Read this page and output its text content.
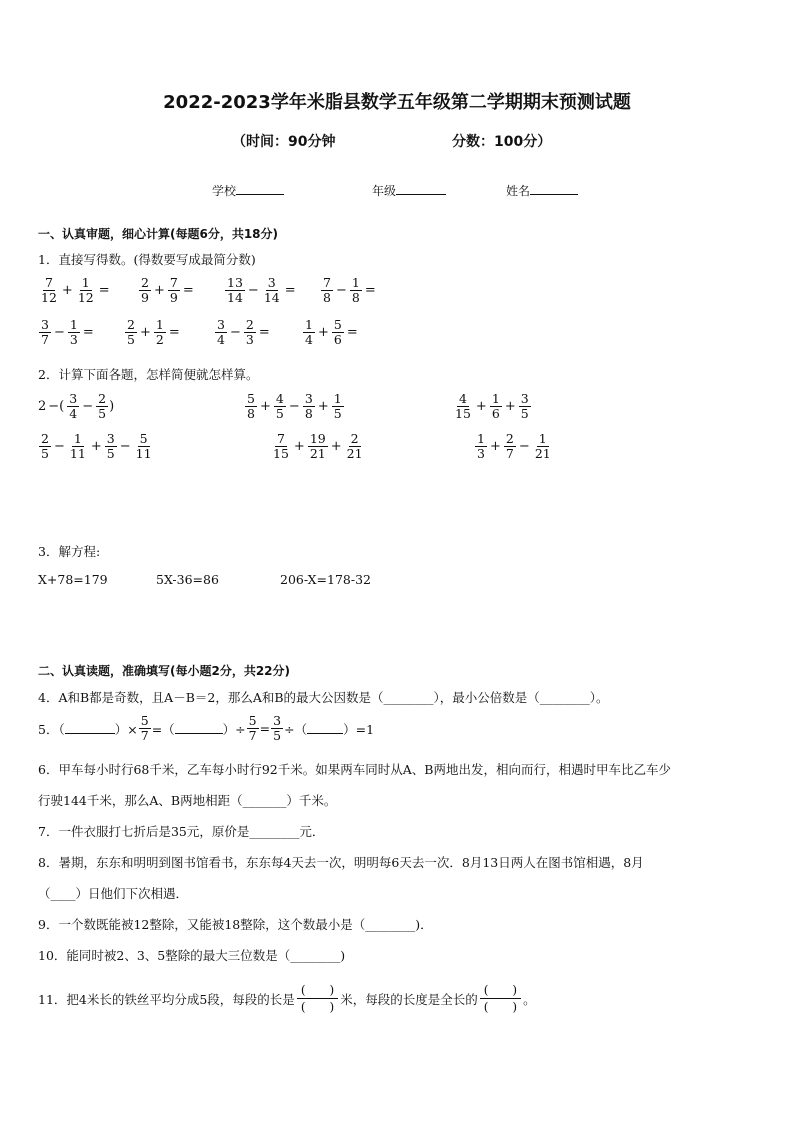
2022-2023学年米脂县数学五年级第二学期期末预测试题
（时间：90分钟	分数：100分）
学校	年级	姓名
一、认真审题，细心计算(每题6分，共18分)
1．直接写得数。(得数要写成最简分数)
7
$12 + \frac{1}{12}$ =
2
$9 + \frac{7}{9}$ =
13
$14 - \frac{3}{14}$ =
7
$8 - \frac{1}{8}$ =
3
$7 - \frac{1}{3}$ =
2
$5 + \frac{1}{2}$ =
3
$4 - \frac{2}{3}$ =
1
$4 + \frac{5}{6}$ =
2．计算下面各题，怎样简便就怎样算。
2 −(
3
$4 - \frac{2}{5}$ )
5
$8 + \frac{4}{5} - \frac{3}{8} + \frac{1}{5}$	4
$15 + \frac{1}{6} + \frac{3}{5}$
2
$5 - \frac{1}{11} + \frac{3}{5} - \frac{5}{11}$	7
$15 + \frac{19}{21} + \frac{2}{21}$	1
$3 + \frac{2}{7} - \frac{1}{21}$
3．解方程:
X+78=179	5X-36=86	206-X=178-32
二、认真读题，准确填写(每小题2分，共22分)
4．A和B都是奇数，且A－B＝2，那么A和B的最大公因数是（________），最小公倍数是（________）。
5．（	）× $\frac{5}{7}$ =（	）÷ $\frac{5}{7} = \frac{3}{5}$ ÷（	）=1
6．甲车每小时行68千米，乙车每小时行92千米。如果两车同时从A、B两地出发，相向而行，相遇时甲车比乙车少
行驶144千米，那么A、B两地相距（_______）千米。
7．一件衣服打七折后是35元，原价是________元．
8．暑期，东东和明明到图书馆看书，东东每4天去一次，明明每6天去一次．8月13日两人在图书馆相遇，8月
（____）日他们下次相遇．
9．一个数既能被12整除，又能被18整除，这个数最小是（________)．
10．能同时被2、3、5整除的最大三位数是（________)
11．把4米长的铁丝平均分成5段，每段的长是
(　　)
(　　)
米，每段的长度是全长的
(　　)
(　　)
。
